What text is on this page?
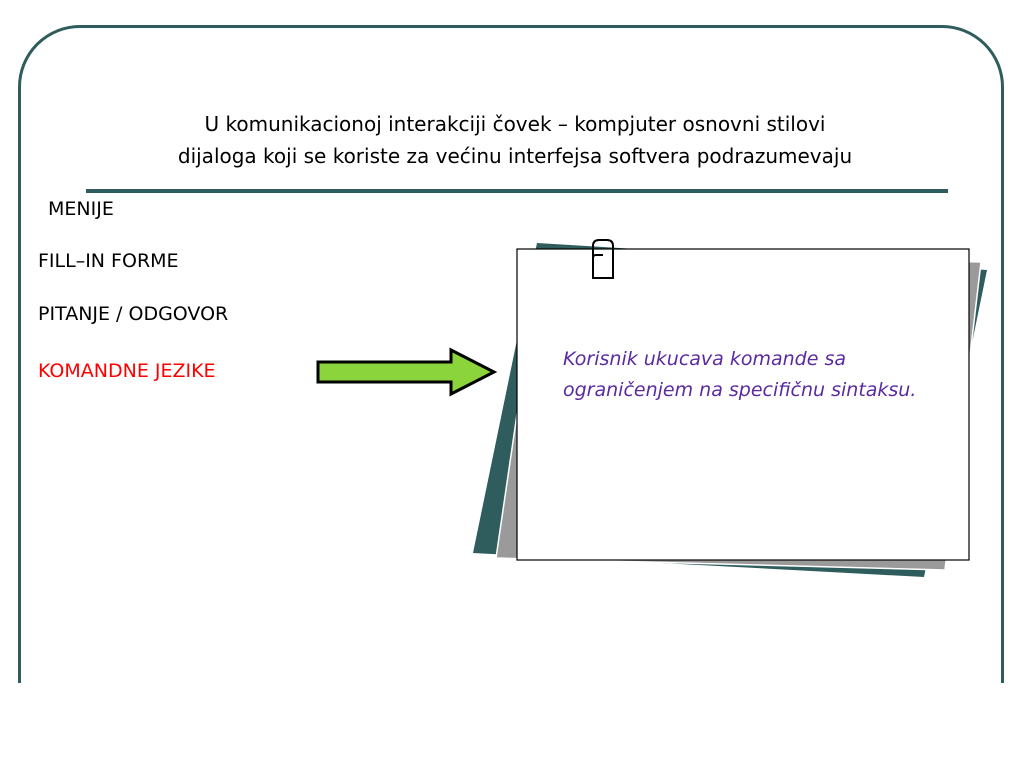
U komunikacionoj interakciji čovek – kompjuter osnovni stilovi
dijaloga koji se koriste za većinu interfejsa softvera podrazumevaju
MENIJE
FILL–IN FORME
PITANJE / ODGOVOR
KOMANDNE JEZIKE
Korisnik ukucava komande sa ograničenjem na specifičnu sintaksu.
